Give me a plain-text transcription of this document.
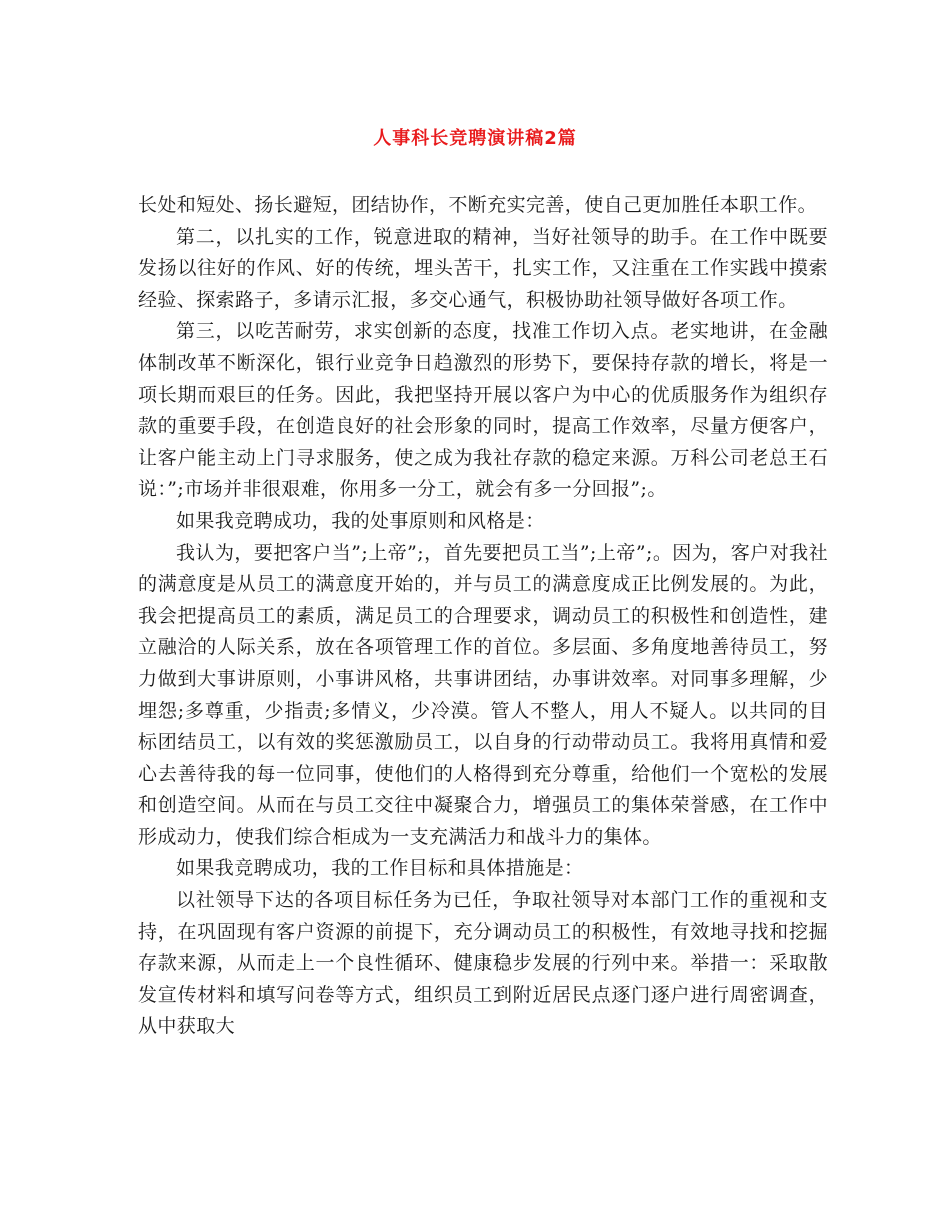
人事科长竞聘演讲稿2篇

长处和短处、扬长避短，团结协作，不断充实完善，使自己更加胜任本职工作。

第二，以扎实的工作，锐意进取的精神，当好社领导的助手。在工作中既要发扬以往好的作风、好的传统，埋头苦干，扎实工作，又注重在工作实践中摸索经验、探索路子，多请示汇报，多交心通气，积极协助社领导做好各项工作。

第三，以吃苦耐劳，求实创新的态度，找准工作切入点。老实地讲，在金融体制改革不断深化，银行业竞争日趋激烈的形势下，要保持存款的增长，将是一项长期而艰巨的任务。因此，我把坚持开展以客户为中心的优质服务作为组织存款的重要手段，在创造良好的社会形象的同时，提高工作效率，尽量方便客户，让客户能主动上门寻求服务，使之成为我社存款的稳定来源。万科公司老总王石说：”;市场并非很艰难，你用多一分工，就会有多一分回报”;。

如果我竞聘成功，我的处事原则和风格是：

我认为，要把客户当”;上帝”;，首先要把员工当”;上帝”;。因为，客户对我社的满意度是从员工的满意度开始的，并与员工的满意度成正比例发展的。为此，我会把提高员工的素质，满足员工的合理要求，调动员工的积极性和创造性，建立融洽的人际关系，放在各项管理工作的首位。多层面、多角度地善待员工，努力做到大事讲原则，小事讲风格，共事讲团结，办事讲效率。对同事多理解，少埋怨;多尊重，少指责;多情义，少冷漠。管人不整人，用人不疑人。以共同的目标团结员工，以有效的奖惩激励员工，以自身的行动带动员工。我将用真情和爱心去善待我的每一位同事，使他们的人格得到充分尊重，给他们一个宽松的发展和创造空间。从而在与员工交往中凝聚合力，增强员工的集体荣誉感，在工作中形成动力，使我们综合柜成为一支充满活力和战斗力的集体。

如果我竞聘成功，我的工作目标和具体措施是：

以社领导下达的各项目标任务为已任，争取社领导对本部门工作的重视和支持，在巩固现有客户资源的前提下，充分调动员工的积极性，有效地寻找和挖掘存款来源，从而走上一个良性循环、健康稳步发展的行列中来。举措一：采取散发宣传材料和填写问卷等方式，组织员工到附近居民点逐门逐户进行周密调查，从中获取大
